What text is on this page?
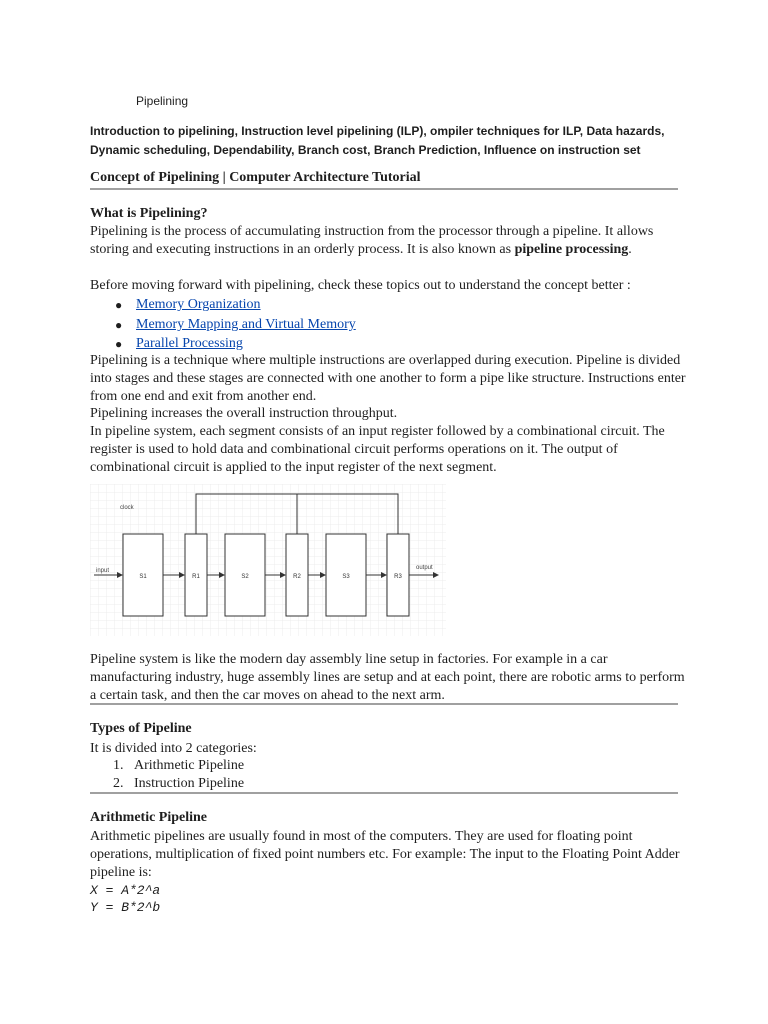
Pipelining
Introduction to pipelining, Instruction level pipelining (ILP), ompiler techniques for ILP, Data hazards, Dynamic scheduling, Dependability, Branch cost, Branch Prediction, Influence on instruction set
Concept of Pipelining | Computer Architecture Tutorial
What is Pipelining?
Pipelining is the process of accumulating instruction from the processor through a pipeline. It allows storing and executing instructions in an orderly process. It is also known as pipeline processing.
Before moving forward with pipelining, check these topics out to understand the concept better :
● Memory Organization
● Memory Mapping and Virtual Memory
● Parallel Processing
Pipelining is a technique where multiple instructions are overlapped during execution. Pipeline is divided into stages and these stages are connected with one another to form a pipe like structure. Instructions enter from one end and exit from another end.
Pipelining increases the overall instruction throughput.
In pipeline system, each segment consists of an input register followed by a combinational circuit. The register is used to hold data and combinational circuit performs operations on it. The output of combinational circuit is applied to the input register of the next segment.
clock
input	output
S1	R1	S2	R2	S3	R3
Pipeline system is like the modern day assembly line setup in factories. For example in a car manufacturing industry, huge assembly lines are setup and at each point, there are robotic arms to perform a certain task, and then the car moves on ahead to the next arm.
Types of Pipeline
It is divided into 2 categories:
1. Arithmetic Pipeline
2. Instruction Pipeline
Arithmetic Pipeline
Arithmetic pipelines are usually found in most of the computers. They are used for floating point operations, multiplication of fixed point numbers etc. For example: The input to the Floating Point Adder pipeline is:
X = A*2^a
Y = B*2^b
